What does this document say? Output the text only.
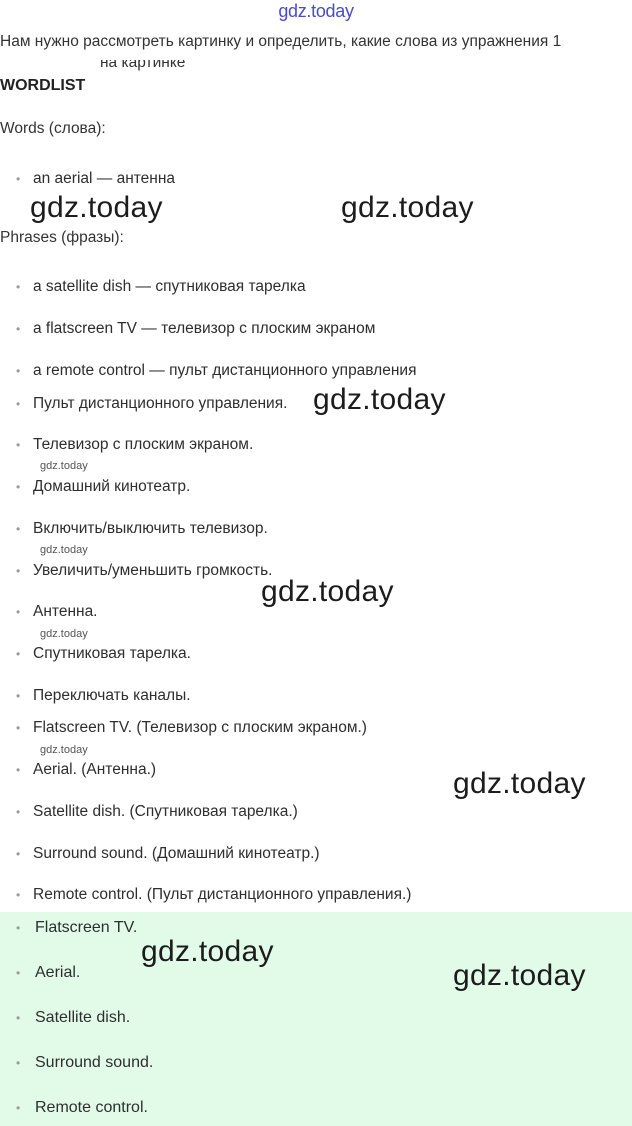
gdz.today
Нам нужно рассмотреть картинку и определить, какие слова из упражнения 1
на картинке
WORDLIST
Words (слова):
• an aerial — антенна
Phrases (фразы):
• a satellite dish — спутниковая тарелка
• a flatscreen TV — телевизор с плоским экраном
• a remote control — пульт дистанционного управления
• Пульт дистанционного управления.
• Телевизор с плоским экраном.
• Домашний кинотеатр.
• Включить/выключить телевизор.
• Увеличить/уменьшить громкость.
• Антенна.
• Спутниковая тарелка.
• Переключать каналы.
• Flatscreen TV. (Телевизор с плоским экраном.)
• Aerial. (Антенна.)
• Satellite dish. (Спутниковая тарелка.)
• Surround sound. (Домашний кинотеатр.)
• Remote control. (Пульт дистанционного управления.)
• Flatscreen TV.
• Aerial.
• Satellite dish.
• Surround sound.
• Remote control.
gdz.today	gdz.today
gdz.today
gdz.today
gdz.today
gdz.today
gdz.today
gdz.today
gdz.today
gdz.today
gdz.today
